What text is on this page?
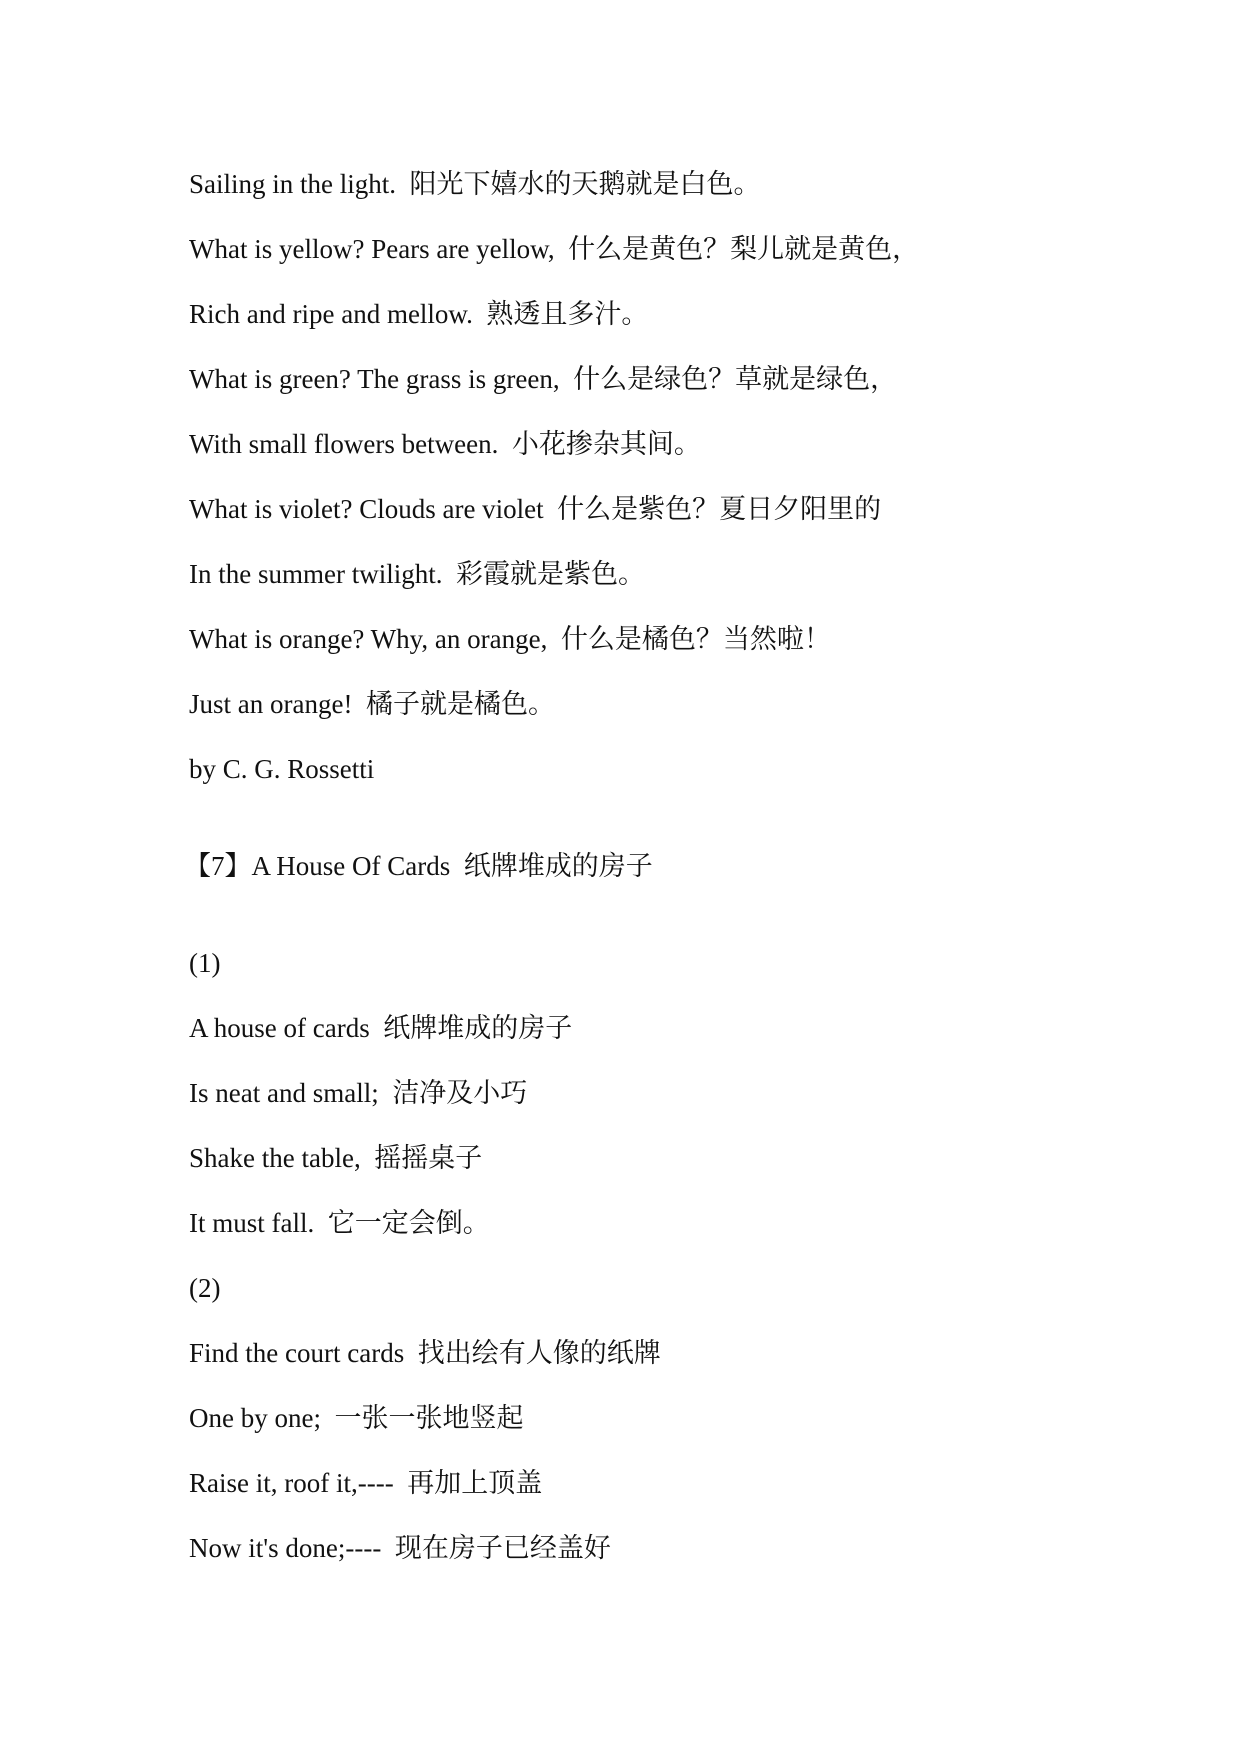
Sailing in the light.  阳光下嬉水的天鹅就是白色。
What is yellow? Pears are yellow,  什么是黄色？梨儿就是黄色，
Rich and ripe and mellow.  熟透且多汁。
What is green? The grass is green,  什么是绿色？草就是绿色，
With small flowers between.  小花掺杂其间。
What is violet? Clouds are violet  什么是紫色？夏日夕阳里的
In the summer twilight.  彩霞就是紫色。
What is orange? Why, an orange,  什么是橘色？当然啦！
Just an orange!  橘子就是橘色。
by C. G. Rossetti
【7】A House Of Cards  纸牌堆成的房子
(1)
A house of cards  纸牌堆成的房子
Is neat and small;  洁净及小巧
Shake the table,  摇摇桌子
It must fall.  它一定会倒。
(2)
Find the court cards  找出绘有人像的纸牌
One by one;  一张一张地竖起
Raise it, roof it,----  再加上顶盖
Now it's done;----  现在房子已经盖好
